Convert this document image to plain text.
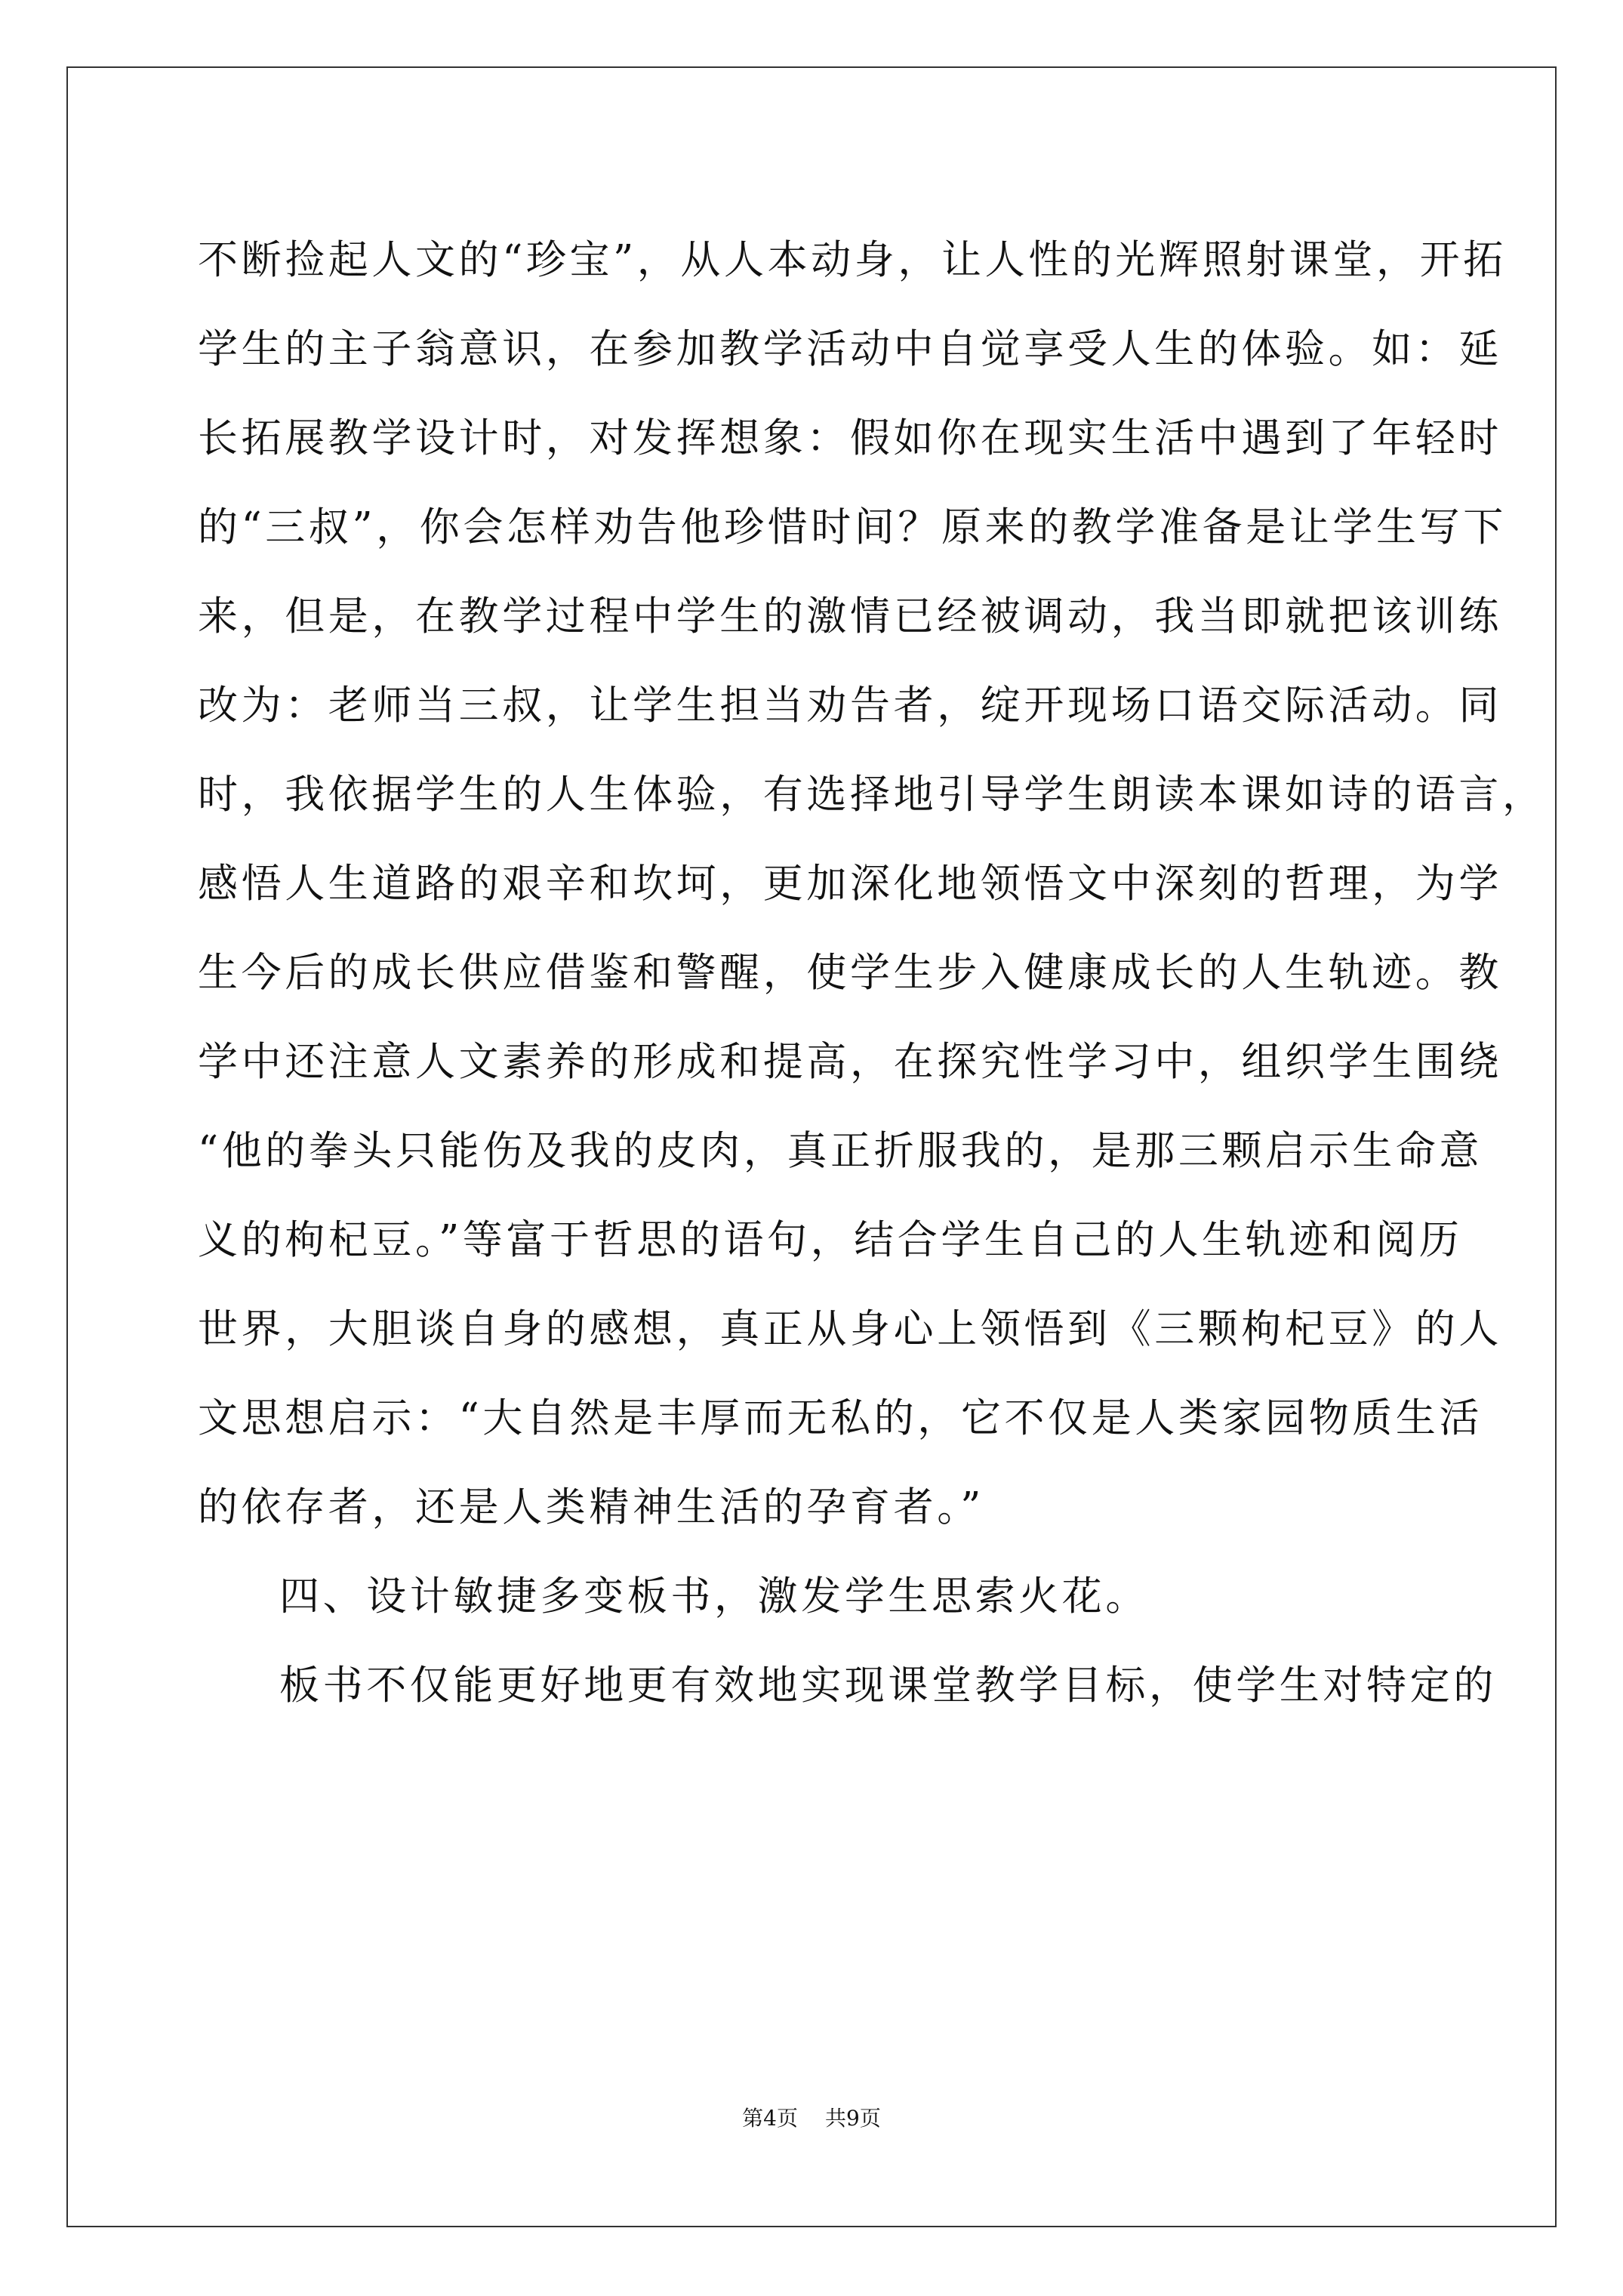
不断捡起人文的“珍宝”，从人本动身，让人性的光辉照射课堂，开拓
学生的主子翁意识，在参加教学活动中自觉享受人生的体验。如：延
长拓展教学设计时，对发挥想象：假如你在现实生活中遇到了年轻时
的“三叔”，你会怎样劝告他珍惜时间？原来的教学准备是让学生写下
来，但是，在教学过程中学生的激情已经被调动，我当即就把该训练
改为：老师当三叔，让学生担当劝告者，绽开现场口语交际活动。同
时，我依据学生的人生体验，有选择地引导学生朗读本课如诗的语言，
感悟人生道路的艰辛和坎坷，更加深化地领悟文中深刻的哲理，为学
生今后的成长供应借鉴和警醒，使学生步入健康成长的人生轨迹。教
学中还注意人文素养的形成和提高，在探究性学习中，组织学生围绕
“他的拳头只能伤及我的皮肉，真正折服我的，是那三颗启示生命意
义的枸杞豆。”等富于哲思的语句，结合学生自己的人生轨迹和阅历
世界，大胆谈自身的感想，真正从身心上领悟到《三颗枸杞豆》的人
文思想启示：“大自然是丰厚而无私的，它不仅是人类家园物质生活
的依存者，还是人类精神生活的孕育者。”
四、设计敏捷多变板书，激发学生思索火花。
板书不仅能更好地更有效地实现课堂教学目标，使学生对特定的
第4页 共9页
